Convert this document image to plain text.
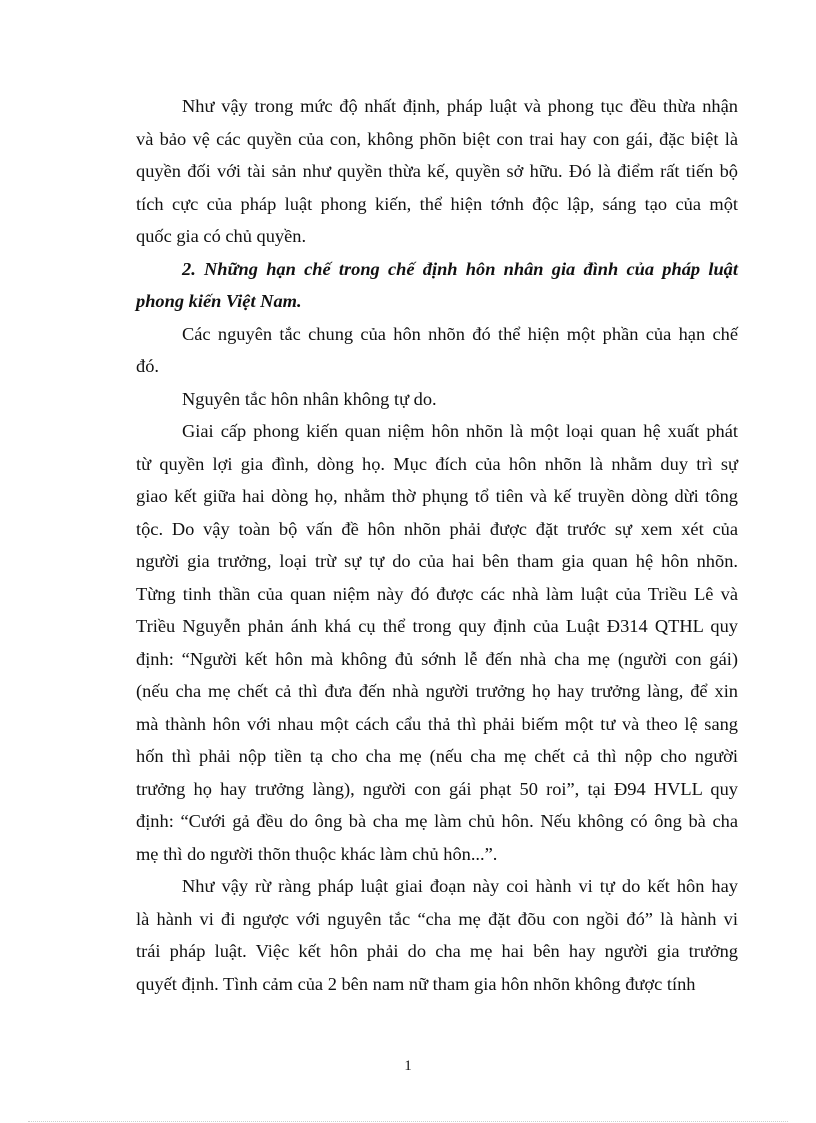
Như vậy trong mức độ nhất định, pháp luật và phong tục đều thừa nhận
và bảo vệ các quyền của con, không phõn biệt con trai hay con gái, đặc biệt là
quyền đối với tài sản như quyền thừa kế, quyền sở hữu. Đó là điểm rất tiến bộ
tích cực của pháp luật phong kiến, thể hiện tớnh độc lập, sáng tạo của một
quốc gia có chủ quyền.
2. Những hạn chế trong chế định hôn nhân gia đình của pháp luật
phong kiến Việt Nam.
Các nguyên tắc chung của hôn nhõn đó thể hiện một phần của hạn chế
đó.
Nguyên tắc hôn nhân không tự do.
Giai cấp phong kiến quan niệm hôn nhõn là một loại quan hệ xuất phát
từ quyền lợi gia đình, dòng họ. Mục đích của hôn nhõn là nhằm duy trì sự
giao kết giữa hai dòng họ, nhằm thờ phụng tổ tiên và kế truyền dòng dừi tông
tộc. Do vậy toàn bộ vấn đề hôn nhõn phải được đặt trước sự xem xét của
người gia trưởng, loại trừ sự tự do của hai bên tham gia quan hệ hôn nhõn.
Từng tinh thần của quan niệm này đó được các nhà làm luật của Triều Lê và
Triều Nguyễn phản ánh khá cụ thể trong quy định của Luật Đ314 QTHL quy
định: “Người kết hôn mà không đủ sớnh lễ đến nhà cha mẹ (người con gái)
(nếu cha mẹ chết cả thì đưa đến nhà người trưởng họ hay trưởng làng, để xin
mà thành hôn với nhau một cách cẩu thả thì phải biếm một tư và theo lệ sang
hốn thì phải nộp tiền tạ cho cha mẹ (nếu cha mẹ chết cả thì nộp cho người
trưởng họ hay trưởng làng), người con gái phạt 50 roi”, tại Đ94 HVLL quy
định: “Cưới gả đều do ông bà cha mẹ làm chủ hôn. Nếu không có ông bà cha
mẹ thì do người thõn thuộc khác làm chủ hôn...”.
Như vậy rừ ràng pháp luật giai đoạn này coi hành vi tự do kết hôn hay
là hành vi đi ngược với nguyên tắc “cha mẹ đặt đõu con ngồi đó” là hành vi
trái pháp luật. Việc kết hôn phải do cha mẹ hai bên hay người gia trưởng
quyết định. Tình cảm của 2 bên nam nữ tham gia hôn nhõn không được tính
1
